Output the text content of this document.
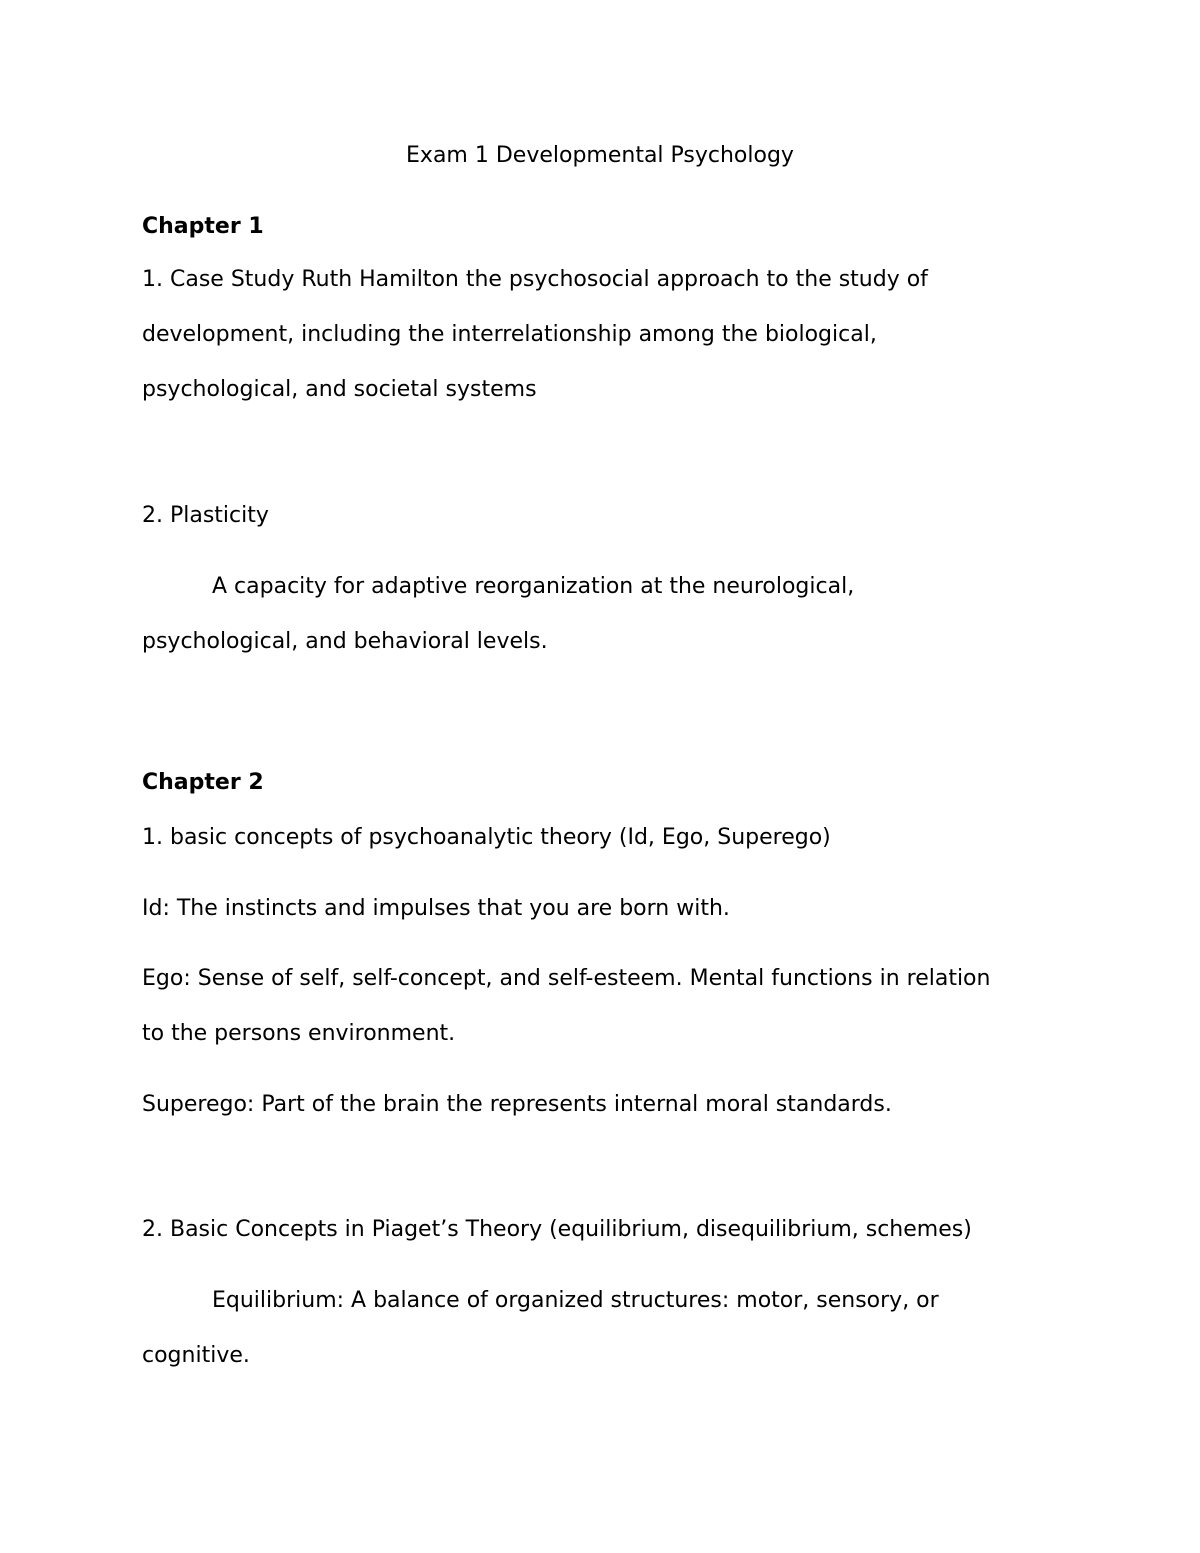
Exam 1 Developmental Psychology
Chapter 1
1. Case Study Ruth Hamilton the psychosocial approach to the study of
development, including the interrelationship among the biological,
psychological, and societal systems
2. Plasticity
A capacity for adaptive reorganization at the neurological,
psychological, and behavioral levels.
Chapter 2
1. basic concepts of psychoanalytic theory (Id, Ego, Superego)
Id: The instincts and impulses that you are born with.
Ego: Sense of self, self-concept, and self-esteem. Mental functions in relation
to the persons environment.
Superego: Part of the brain the represents internal moral standards.
2. Basic Concepts in Piaget’s Theory (equilibrium, disequilibrium, schemes)
Equilibrium: A balance of organized structures: motor, sensory, or
cognitive.
